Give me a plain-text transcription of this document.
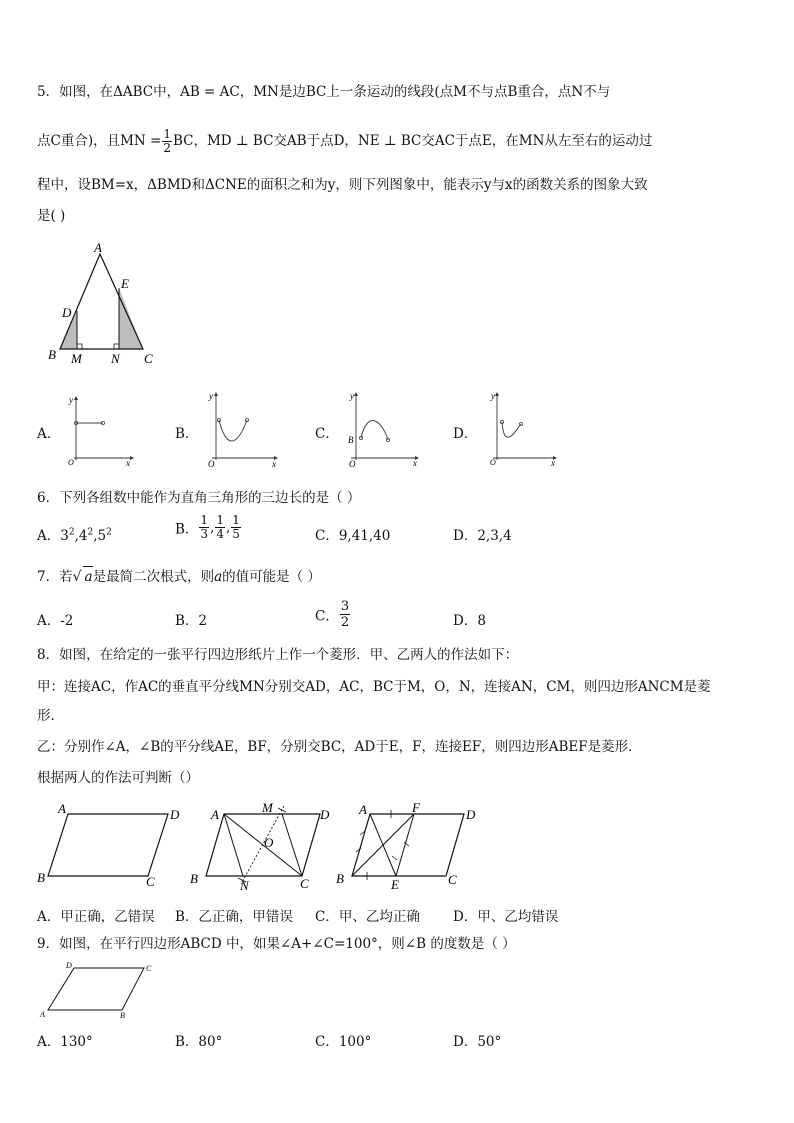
5．如图，在ΔABC中，AB = AC，MN是边BC上一条运动的线段(点M不与点B重合，点N不与
点C重合)，且MN = $\frac{1}{2}$ BC，MD ⊥ BC交AB于点D，NE ⊥ BC交AC于点E，在MN从左至右的运动过
程中，设BM=x，ΔBMD和ΔCNE的面积之和为y，则下列图象中，能表示y与x的函数关系的图象大致
是( )
A
B	C
D
E
M N
A．
y
x
O
B．
y
x
O
C．
y
B
x
O
D．
y
x
O
6．下列各组数中能作为直角三角形的三边长的是（ ）
A．$3^2,4^2,5^2$	B． $\frac{1}{3}$ , $\frac{1}{4}$ , $\frac{1}{5}$	C．9,41,40	D．2,3,4
7．若√ a是最简二次根式，则a的值可能是（ ）
A．-2	B．2	C． $\frac{3}{2}$	D．8
8．如图，在给定的一张平行四边形纸片上作一个菱形．甲、乙两人的作法如下：
甲：连接AC，作AC的垂直平分线MN分别交AD，AC，BC于M，O，N，连接AN，CM，则四边形ANCM是菱
形．
乙：分别作∠A，∠B的平分线AE，BF，分别交BC，AD于E，F，连接EF，则四边形ABEF是菱形．
根据两人的作法可判断（）
A	D
B	C
A	D
B	C
M
N
O
A	F	D
B	E	C
A．甲正确，乙错误 B．乙正确，甲错误 C．甲、乙均正确 D．甲、乙均错误
9．如图，在平行四边形ABCD 中，如果∠A+∠C=100°，则∠B 的度数是（ ）
D	C
A	B
A．130°	B．80°	C．100°	D．50°
